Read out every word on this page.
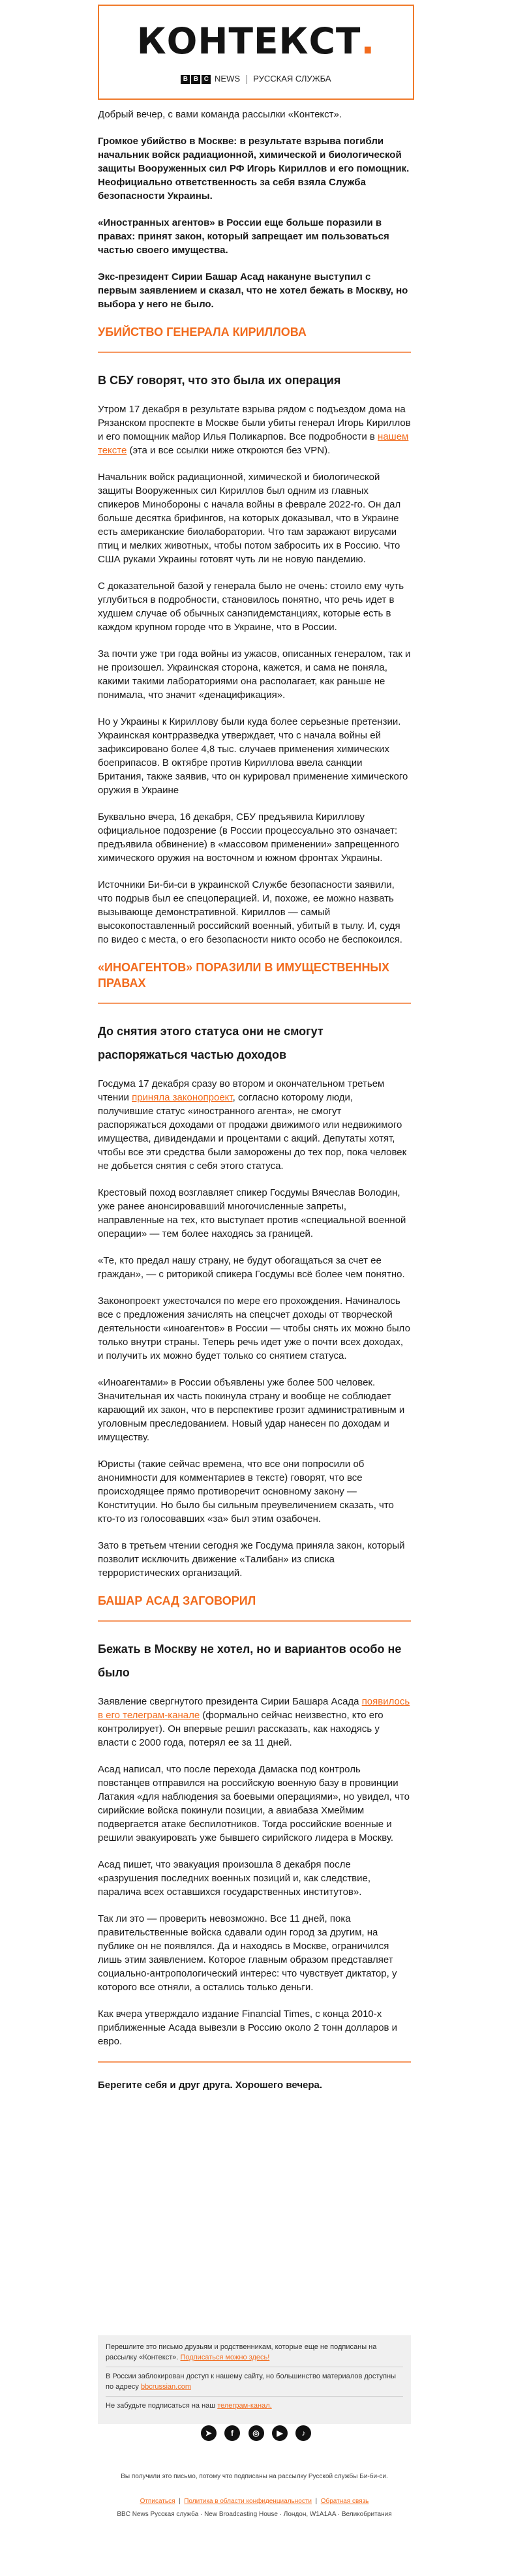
КОНТЕКСТ.
B B C NEWS РУССКАЯ СЛУЖБА

Добрый вечер, с вами команда рассылки «Контекст».

Громкое убийство в Москве: в результате взрыва погибли начальник войск радиационной, химической и биологической защиты Вооруженных сил РФ Игорь Кириллов и его помощник. Неофициально ответственность за себя взяла Служба безопасности Украины.

«Иностранных агентов» в России еще больше поразили в правах: принят закон, который запрещает им пользоваться частью своего имущества.

Экс-президент Сирии Башар Асад накануне выступил с первым заявлением и сказал, что не хотел бежать в Москву, но выбора у него не было.

УБИЙСТВО ГЕНЕРАЛА КИРИЛЛОВА
В СБУ говорят, что это была их операция

Утром 17 декабря в результате взрыва рядом с подъездом дома на Рязанском проспекте в Москве были убиты генерал Игорь Кириллов и его помощник майор Илья Поликарпов. Все подробности в нашем тексте (эта и все ссылки ниже откроются без VPN).

Начальник войск радиационной, химической и биологической защиты Вооруженных сил Кириллов был одним из главных спикеров Минобороны с начала войны в феврале 2022-го. Он дал больше десятка брифингов, на которых доказывал, что в Украине есть американские биолаборатории. Что там заражают вирусами птиц и мелких животных, чтобы потом забросить их в Россию. Что США руками Украины готовят чуть ли не новую пандемию.

С доказательной базой у генерала было не очень: стоило ему чуть углубиться в подробности, становилось понятно, что речь идет в худшем случае об обычных санэпидемстанциях, которые есть в каждом крупном городе что в Украине, что в России.

За почти уже три года войны из ужасов, описанных генералом, так и не произошел. Украинская сторона, кажется, и сама не поняла, какими такими лабораториями она располагает, как раньше не понимала, что значит «денацификация».

Но у Украины к Кириллову были куда более серьезные претензии. Украинская контрразведка утверждает, что с начала войны ей зафиксировано более 4,8 тыс. случаев применения химических боеприпасов. В октябре против Кириллова ввела санкции Британия, также заявив, что он курировал применение химического оружия в Украине

Буквально вчера, 16 декабря, СБУ предъявила Кириллову официальное подозрение (в России процессуально это означает: предъявила обвинение) в «массовом применении» запрещенного химического оружия на восточном и южном фронтах Украины.

Источники Би-би-си в украинской Службе безопасности заявили, что подрыв был ее спецоперацией. И, похоже, ее можно назвать вызывающе демонстративной. Кириллов — самый высокопоставленный российский военный, убитый в тылу. И, судя по видео с места, о его безопасности никто особо не беспокоился.

«ИНОАГЕНТОВ» ПОРАЗИЛИ В ИМУЩЕСТВЕННЫХ ПРАВАХ
До снятия этого статуса они не смогут распоряжаться частью доходов

Госдума 17 декабря сразу во втором и окончательном третьем чтении приняла законопроект, согласно которому люди, получившие статус «иностранного агента», не смогут распоряжаться доходами от продажи движимого или недвижимого имущества, дивидендами и процентами с акций. Депутаты хотят, чтобы все эти средства были заморожены до тех пор, пока человек не добьется снятия с себя этого статуса.

Крестовый поход возглавляет спикер Госдумы Вячеслав Володин, уже ранее анонсировавший многочисленные запреты, направленные на тех, кто выступает против «специальной военной операции» — тем более находясь за границей.

«Те, кто предал нашу страну, не будут обогащаться за счет ее граждан», — с риторикой спикера Госдумы всё более чем понятно.

Законопроект ужесточался по мере его прохождения. Начиналось все с предложения зачислять на спецсчет доходы от творческой деятельности «иноагентов» в России — чтобы снять их можно было только внутри страны. Теперь речь идет уже о почти всех доходах, и получить их можно будет только со снятием статуса.

«Иноагентами» в России объявлены уже более 500 человек. Значительная их часть покинула страну и вообще не соблюдает карающий их закон, что в перспективе грозит административным и уголовным преследованием. Новый удар нанесен по доходам и имуществу.

Юристы (такие сейчас времена, что все они попросили об анонимности для комментариев в тексте) говорят, что все происходящее прямо противоречит основному закону — Конституции. Но было бы сильным преувеличением сказать, что кто-то из голосовавших «за» был этим озабочен.

Зато в третьем чтении сегодня же Госдума приняла закон, который позволит исключить движение «Талибан» из списка террористических организаций.

БАШАР АСАД ЗАГОВОРИЛ
Бежать в Москву не хотел, но и вариантов особо не было

Заявление свергнутого президента Сирии Башара Асада появилось в его телеграм-канале (формально сейчас неизвестно, кто его контролирует). Он впервые решил рассказать, как находясь у власти с 2000 года, потерял ее за 11 дней.

Асад написал, что после перехода Дамаска под контроль повстанцев отправился на российскую военную базу в провинции Латакия «для наблюдения за боевыми операциями», но увидел, что сирийские войска покинули позиции, а авиабаза Хмеймим подвергается атаке беспилотников. Тогда российские военные и решили эвакуировать уже бывшего сирийского лидера в Москву.

Асад пишет, что эвакуация произошла 8 декабря после «разрушения последних военных позиций и, как следствие, паралича всех оставшихся государственных институтов».

Так ли это — проверить невозможно. Все 11 дней, пока правительственные войска сдавали один город за другим, на публике он не появлялся. Да и находясь в Москве, ограничился лишь этим заявлением. Которое главным образом представляет социально-антропологический интерес: что чувствует диктатор, у которого все отняли, а остались только деньги.

Как вчера утверждало издание Financial Times, с конца 2010-х приближенные Асада вывезли в Россию около 2 тонн долларов и евро.

Берегите себя и друг друга. Хорошего вечера.

Перешлите это письмо друзьям и родственникам, которые еще не подписаны на рассылку «Контекст». Подписаться можно здесь!

В России заблокирован доступ к нашему сайту, но большинство материалов доступны по адресу bbcrussian.com

Не забудьте подписаться на наш телеграм-канал.

➤ f ◎ ▶ ♪
Вы получили это письмо, потому что подписаны на рассылку Русской службы Би-би-си.
Отписаться  |  Политика в области конфиденциальности  |  Обратная связь
BBC News Русская служба · New Broadcasting House · Лондон, W1A1AA · Великобритания
